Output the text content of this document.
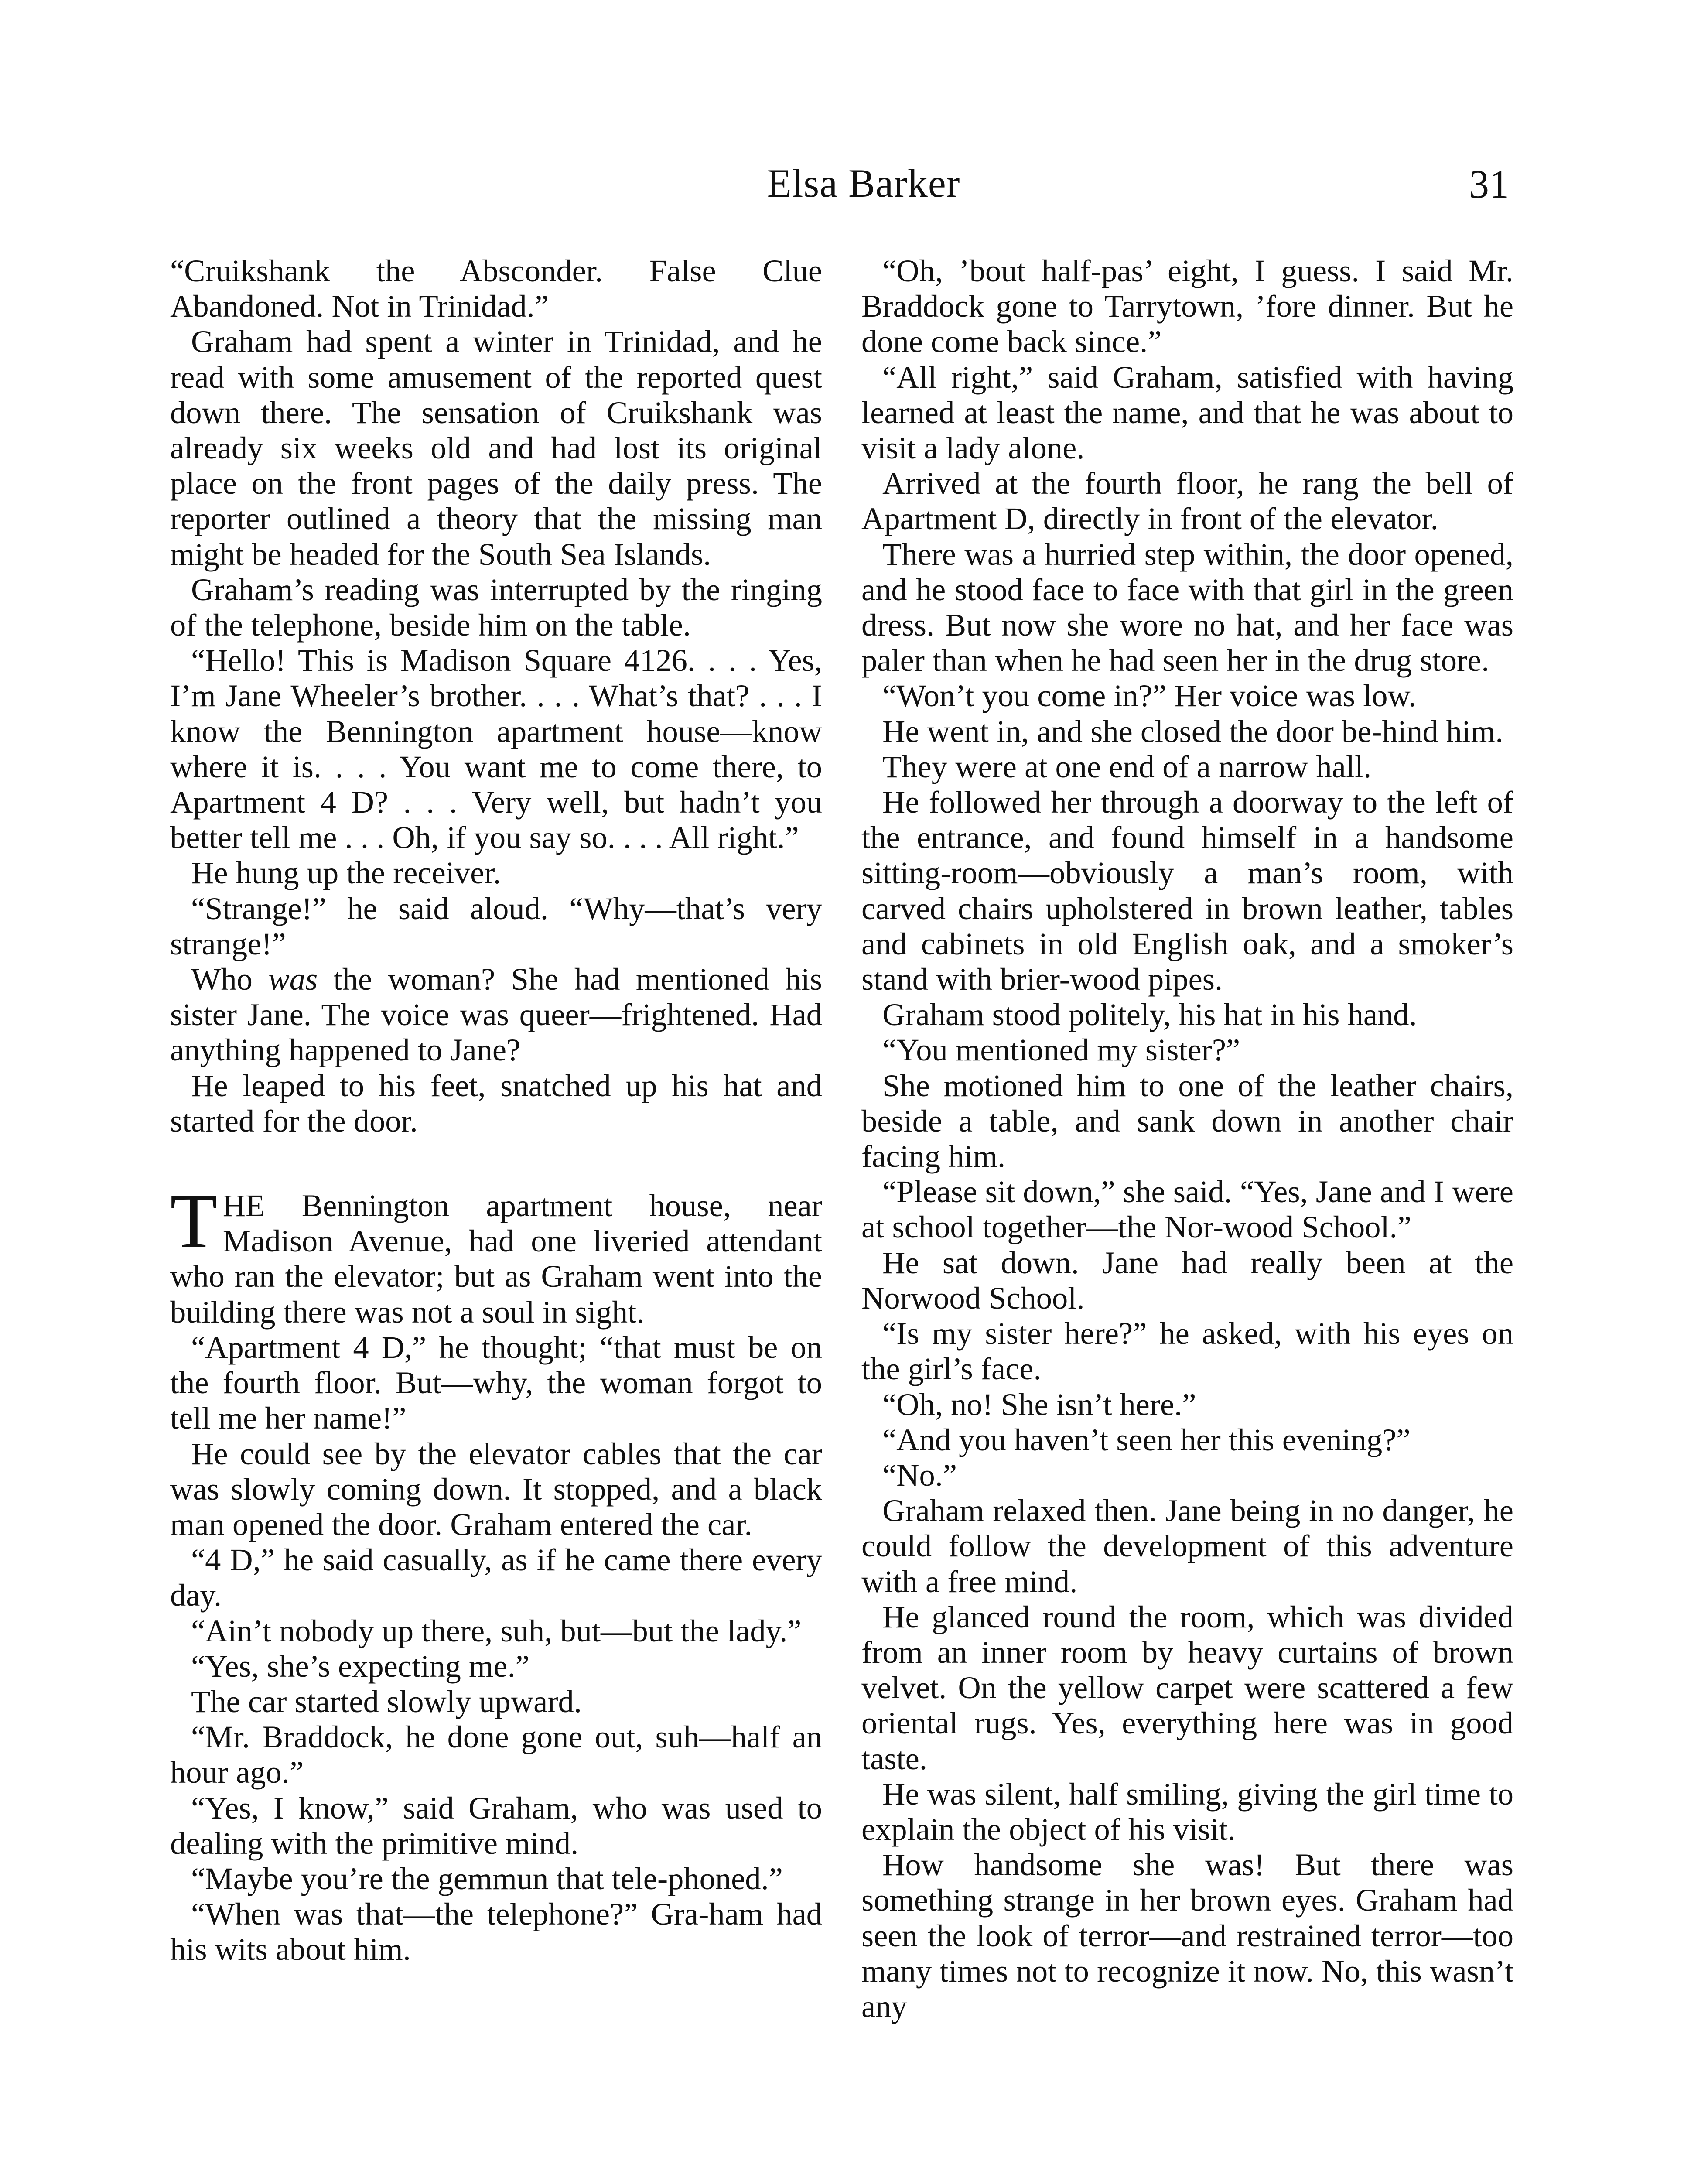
Elsa Barker	31

“Cruikshank the Absconder. False Clue Abandoned. Not in Trinidad.”

Graham had spent a winter in Trinidad, and he read with some amusement of the reported quest down there. The sensation of Cruikshank was already six weeks old and had lost its original place on the front pages of the daily press. The reporter outlined a theory that the missing man might be headed for the South Sea Islands.

Graham’s reading was interrupted by the ringing of the telephone, beside him on the table.

“Hello! This is Madison Square 4126. . . . Yes, I’m Jane Wheeler’s brother. . . . What’s that? . . . I know the Bennington apartment house—know where it is. . . . You want me to come there, to Apartment 4 D? . . . Very well, but hadn’t you better tell me . . . Oh, if you say so. . . . All right.”

He hung up the receiver.

“Strange!” he said aloud. “Why—that’s very strange!”

Who was the woman? She had mentioned his sister Jane. The voice was queer—frightened. Had anything happened to Jane?

He leaped to his feet, snatched up his hat and started for the door.

THE Bennington apartment house, near Madison Avenue, had one liveried attendant who ran the elevator; but as Graham went into the building there was not a soul in sight.

“Apartment 4 D,” he thought; “that must be on the fourth floor. But—why, the woman forgot to tell me her name!”

He could see by the elevator cables that the car was slowly coming down. It stopped, and a black man opened the door. Graham entered the car.

“4 D,” he said casually, as if he came there every day.

“Ain’t nobody up there, suh, but—but the lady.”

“Yes, she’s expecting me.”

The car started slowly upward.

“Mr. Braddock, he done gone out, suh—half an hour ago.”

“Yes, I know,” said Graham, who was used to dealing with the primitive mind.

“Maybe you’re the gemmun that tele-phoned.”

“When was that—the telephone?” Gra-ham had his wits about him.

“Oh, ’bout half-pas’ eight, I guess. I said Mr. Braddock gone to Tarrytown, ’fore dinner. But he done come back since.”

“All right,” said Graham, satisfied with having learned at least the name, and that he was about to visit a lady alone.

Arrived at the fourth floor, he rang the bell of Apartment D, directly in front of the elevator.

There was a hurried step within, the door opened, and he stood face to face with that girl in the green dress. But now she wore no hat, and her face was paler than when he had seen her in the drug store.

“Won’t you come in?” Her voice was low.

He went in, and she closed the door be-hind him.

They were at one end of a narrow hall.

He followed her through a doorway to the left of the entrance, and found himself in a handsome sitting-room—obviously a man’s room, with carved chairs upholstered in brown leather, tables and cabinets in old English oak, and a smoker’s stand with brier-wood pipes.

Graham stood politely, his hat in his hand.

“You mentioned my sister?”

She motioned him to one of the leather chairs, beside a table, and sank down in another chair facing him.

“Please sit down,” she said. “Yes, Jane and I were at school together—the Nor-wood School.”

He sat down. Jane had really been at the Norwood School.

“Is my sister here?” he asked, with his eyes on the girl’s face.

“Oh, no! She isn’t here.”

“And you haven’t seen her this evening?”

“No.”

Graham relaxed then. Jane being in no danger, he could follow the development of this adventure with a free mind.

He glanced round the room, which was divided from an inner room by heavy curtains of brown velvet. On the yellow carpet were scattered a few oriental rugs. Yes, everything here was in good taste.

He was silent, half smiling, giving the girl time to explain the object of his visit.

How handsome she was! But there was something strange in her brown eyes. Graham had seen the look of terror—and restrained terror—too many times not to recognize it now. No, this wasn’t any
